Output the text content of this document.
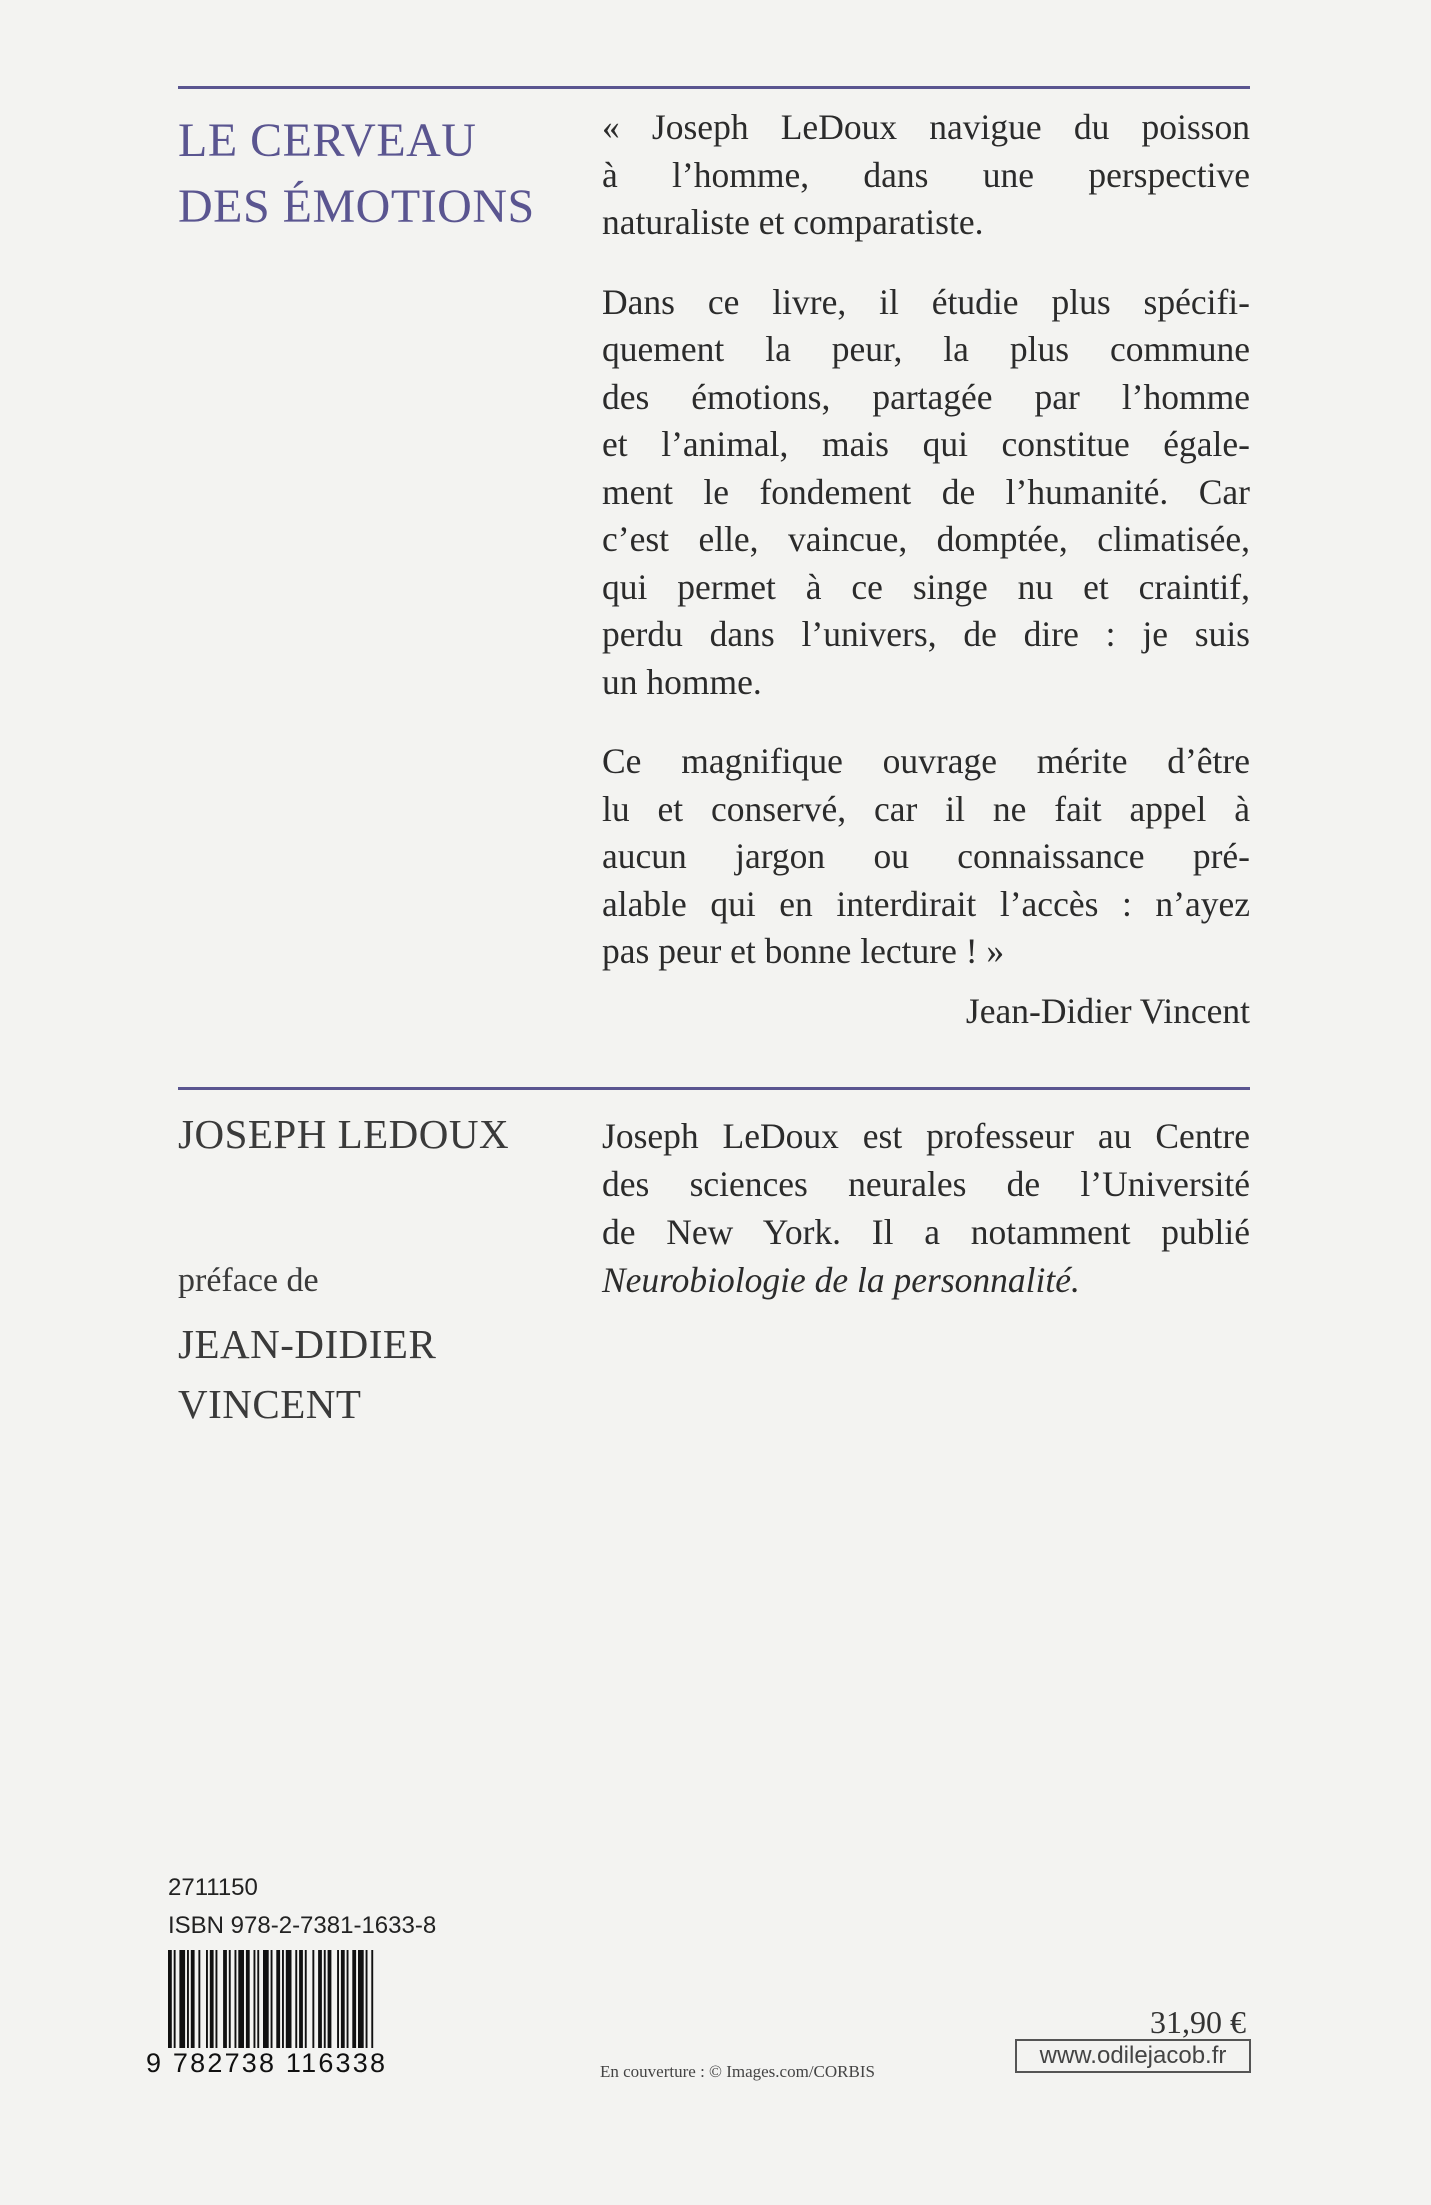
LE CERVEAU
DES ÉMOTIONS

« Joseph LeDoux navigue du poisson
à l’homme, dans une perspective
naturaliste et comparatiste.

Dans ce livre, il étudie plus spécifi-
quement la peur, la plus commune
des émotions, partagée par l’homme
et l’animal, mais qui constitue égale-
ment le fondement de l’humanité. Car
c’est elle, vaincue, domptée, climatisée,
qui permet à ce singe nu et craintif,
perdu dans l’univers, de dire : je suis
un homme.

Ce magnifique ouvrage mérite d’être
lu et conservé, car il ne fait appel à
aucun jargon ou connaissance pré-
alable qui en interdirait l’accès : n’ayez
pas peur et bonne lecture ! »

Jean-Didier Vincent
JOSEPH LEDOUX
préface de
JEAN-DIDIER
VINCENT
Joseph LeDoux est professeur au Centre
des sciences neurales de l’Université
de New York. Il a notamment publié
Neurobiologie de la personnalité.
2711150
ISBN 978-2-7381-1633-8
9 782738 116338	En couverture : © Images.com/CORBIS
31,90 €
www.odilejacob.fr
